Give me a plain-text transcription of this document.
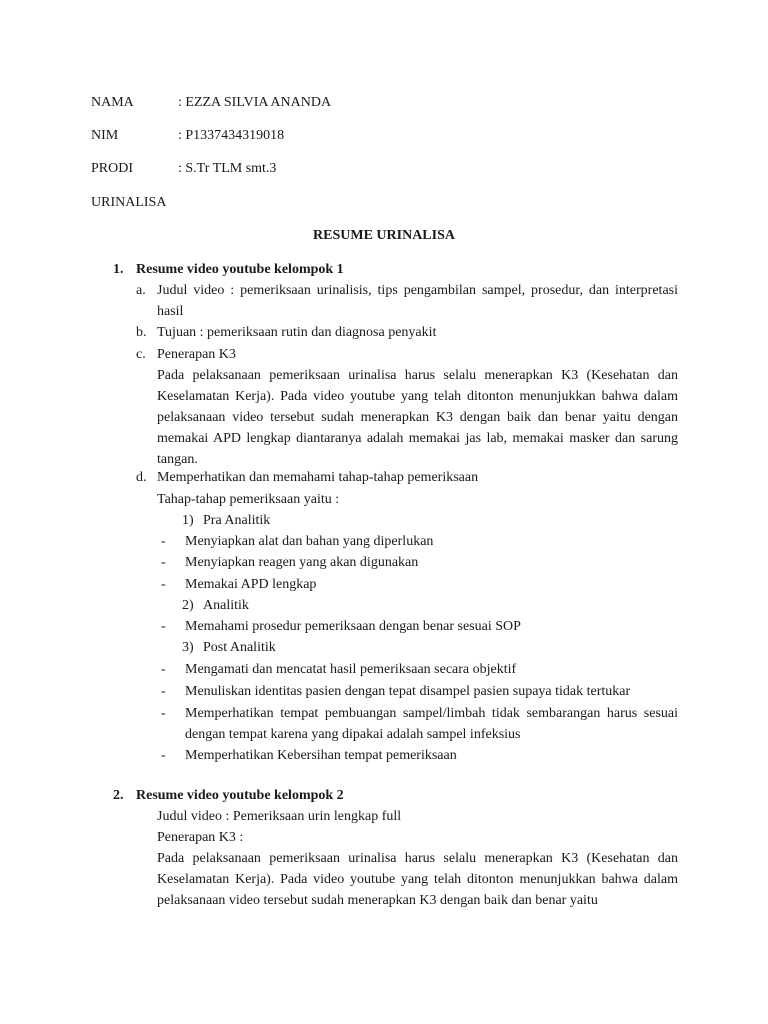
NAMA	: EZZA SILVIA ANANDA
NIM	: P1337434319018
PRODI	: S.Tr TLM smt.3
URINALISA
RESUME URINALISA
1. Resume video youtube kelompok 1
a. Judul video : pemeriksaan urinalisis, tips pengambilan sampel, prosedur, dan interpretasi hasil
b. Tujuan : pemeriksaan rutin dan diagnosa penyakit
c. Penerapan K3
Pada pelaksanaan pemeriksaan urinalisa harus selalu menerapkan K3 (Kesehatan dan Keselamatan Kerja). Pada video youtube yang telah ditonton menunjukkan bahwa dalam pelaksanaan video tersebut sudah menerapkan K3 dengan baik dan benar yaitu dengan memakai APD lengkap diantaranya adalah memakai jas lab, memakai masker dan sarung tangan.
d. Memperhatikan dan memahami tahap-tahap pemeriksaan
Tahap-tahap pemeriksaan yaitu :
1) Pra Analitik
- Menyiapkan alat dan bahan yang diperlukan
- Menyiapkan reagen yang akan digunakan
- Memakai APD lengkap
2) Analitik
- Memahami prosedur pemeriksaan dengan benar sesuai SOP
3) Post Analitik
- Mengamati dan mencatat hasil pemeriksaan secara objektif
- Menuliskan identitas pasien dengan tepat disampel pasien supaya tidak tertukar
- Memperhatikan tempat pembuangan sampel/limbah tidak sembarangan harus sesuai dengan tempat karena yang dipakai adalah sampel infeksius
- Memperhatikan Kebersihan tempat pemeriksaan
2. Resume video youtube kelompok 2
Judul video : Pemeriksaan urin lengkap full
Penerapan K3 :
Pada pelaksanaan pemeriksaan urinalisa harus selalu menerapkan K3 (Kesehatan dan Keselamatan Kerja). Pada video youtube yang telah ditonton menunjukkan bahwa dalam pelaksanaan video tersebut sudah menerapkan K3 dengan baik dan benar yaitu
